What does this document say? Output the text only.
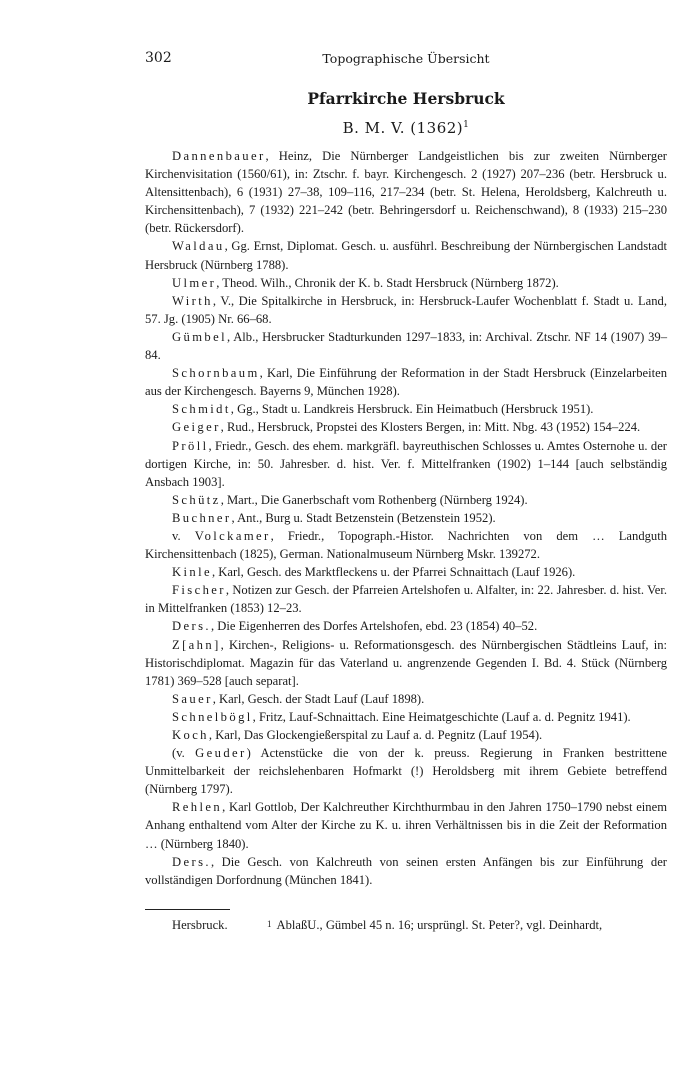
302	Topographische Übersicht
Pfarrkirche Hersbruck
B. M. V. $(1362)^1$

Dannenbauer, Heinz, Die Nürnberger Landgeistlichen bis zur zweiten Nürnberger Kirchenvisitation (1560/61), in: Ztschr. f. bayr. Kirchengesch. 2 (1927) 207–236 (betr. Hersbruck u. Altensittenbach), 6 (1931) 27–38, 109–116, 217–234 (betr. St. Helena, Heroldsberg, Kalchreuth u. Kirchensittenbach), 7 (1932) 221–242 (betr. Behringersdorf u. Reichenschwand), 8 (1933) 215–230 (betr. Rückersdorf).

Waldau, Gg. Ernst, Diplomat. Gesch. u. ausführl. Beschreibung der Nürnbergischen Landstadt Hersbruck (Nürnberg 1788).

Ulmer, Theod. Wilh., Chronik der K. b. Stadt Hersbruck (Nürnberg 1872).

Wirth, V., Die Spitalkirche in Hersbruck, in: Hersbruck-Laufer Wochenblatt f. Stadt u. Land, 57. Jg. (1905) Nr. 66–68.

Gümbel, Alb., Hersbrucker Stadturkunden 1297–1833, in: Archival. Ztschr. NF 14 (1907) 39–84.

Schornbaum, Karl, Die Einführung der Reformation in der Stadt Hersbruck (Einzelarbeiten aus der Kirchengesch. Bayerns 9, München 1928).

Schmidt, Gg., Stadt u. Landkreis Hersbruck. Ein Heimatbuch (Hersbruck 1951).

Geiger, Rud., Hersbruck, Propstei des Klosters Bergen, in: Mitt. Nbg. 43 (1952) 154–224.

Pröll, Friedr., Gesch. des ehem. markgräfl. bayreuthischen Schlosses u. Amtes Osternohe u. der dortigen Kirche, in: 50. Jahresber. d. hist. Ver. f. Mittelfranken (1902) 1–144 [auch selbständig Ansbach 1903].

Schütz, Mart., Die Ganerbschaft vom Rothenberg (Nürnberg 1924).

Buchner, Ant., Burg u. Stadt Betzenstein (Betzenstein 1952).

v. Volckamer, Friedr., Topograph.-Histor. Nachrichten von dem … Landguth Kirchensittenbach (1825), German. Nationalmuseum Nürnberg Mskr. 139272.

Kinle, Karl, Gesch. des Marktfleckens u. der Pfarrei Schnaittach (Lauf 1926).

Fischer, Notizen zur Gesch. der Pfarreien Artelshofen u. Alfalter, in: 22. Jahresber. d. hist. Ver. in Mittelfranken (1853) 12–23.

Ders., Die Eigenherren des Dorfes Artelshofen, ebd. 23 (1854) 40–52.

Z[ahn], Kirchen-, Religions- u. Reformationsgesch. des Nürnbergischen Städtleins Lauf, in: Historischdiplomat. Magazin für das Vaterland u. angrenzende Gegenden I. Bd. 4. Stück (Nürnberg 1781) 369–528 [auch separat].

Sauer, Karl, Gesch. der Stadt Lauf (Lauf 1898).

Schnelbögl, Fritz, Lauf-Schnaittach. Eine Heimatgeschichte (Lauf a. d. Pegnitz 1941).

Koch, Karl, Das Glockengießerspital zu Lauf a. d. Pegnitz (Lauf 1954).

(v. Geuder) Actenstücke die von der k. preuss. Regierung in Franken bestrittene Unmittelbarkeit der reichslehenbaren Hofmarkt (!) Heroldsberg mit ihrem Gebiete betreffend (Nürnberg 1797).

Rehlen, Karl Gottlob, Der Kalchreuther Kirchthurmbau in den Jahren 1750–1790 nebst einem Anhang enthaltend vom Alter der Kirche zu K. u. ihren Verhältnissen bis in die Zeit der Reformation … (Nürnberg 1840).

Ders., Die Gesch. von Kalchreuth von seinen ersten Anfängen bis zur Einführung der vollständigen Dorfordnung (München 1841).

Hersbruck.	1 AblaßU., Gümbel 45 n. 16; ursprüngl. St. Peter?, vgl. Deinhardt,
